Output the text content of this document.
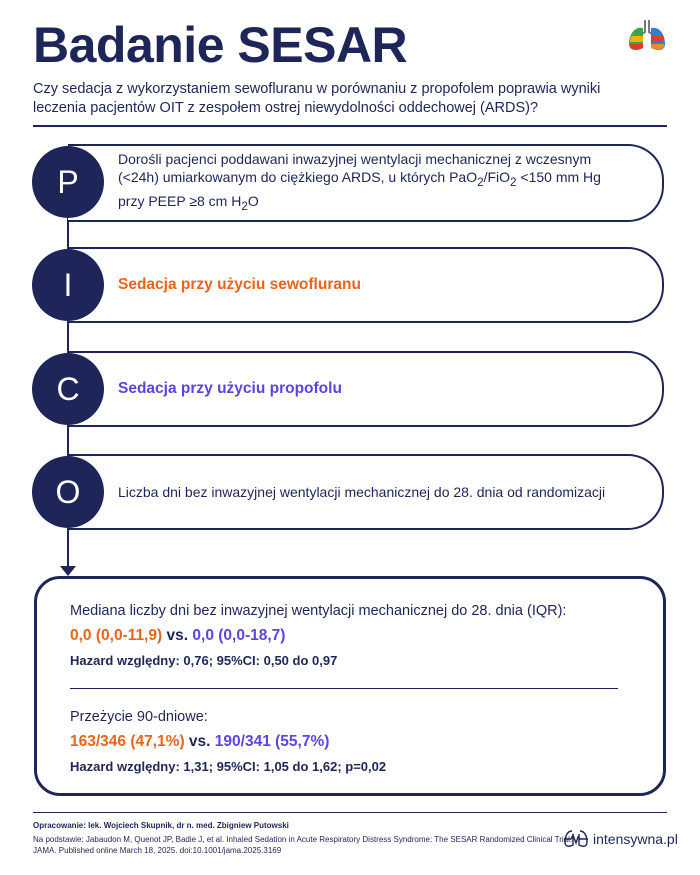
Badanie SESAR
Czy sedacja z wykorzystaniem sewofluranu w porównaniu z propofolem poprawia wyniki leczenia pacjentów OIT z zespołem ostrej niewydolności oddechowej (ARDS)?
Dorośli pacjenci poddawani inwazyjnej wentylacji mechanicznej z wczesnym
(<24h) umiarkowanym do ciężkiego ARDS, u których PaO$_2$/FiO$_2$ <150 mm Hg
przy PEEP ≥8 cm $H_2O$
P
Sedacja przy użyciu sewofluranu
I
Sedacja przy użyciu propofolu
C
Liczba dni bez inwazyjnej wentylacji mechanicznej do 28. dnia od randomizacji
O
Mediana liczby dni bez inwazyjnej wentylacji mechanicznej do 28. dnia (IQR):
0,0 (0,0-11,9) vs. 0,0 (0,0-18,7)
Hazard względny: 0,76; 95%CI: 0,50 do 0,97
Przeżycie 90-dniowe:
163/346 (47,1%) vs. 190/341 (55,7%)
Hazard względny: 1,31; 95%CI: 1,05 do 1,62; p=0,02
Opracowanie: lek. Wojciech Skupnik, dr n. med. Zbigniew Putowski
Na podstawie: Jabaudon M, Quenot JP, Badie J, et al. Inhaled Sedation in Acute Respiratory Distress Syndrome: The SESAR Randomized Clinical Trial.
JAMA. Published online March 18, 2025. doi:10.1001/jama.2025.3169
intensywna.pl
